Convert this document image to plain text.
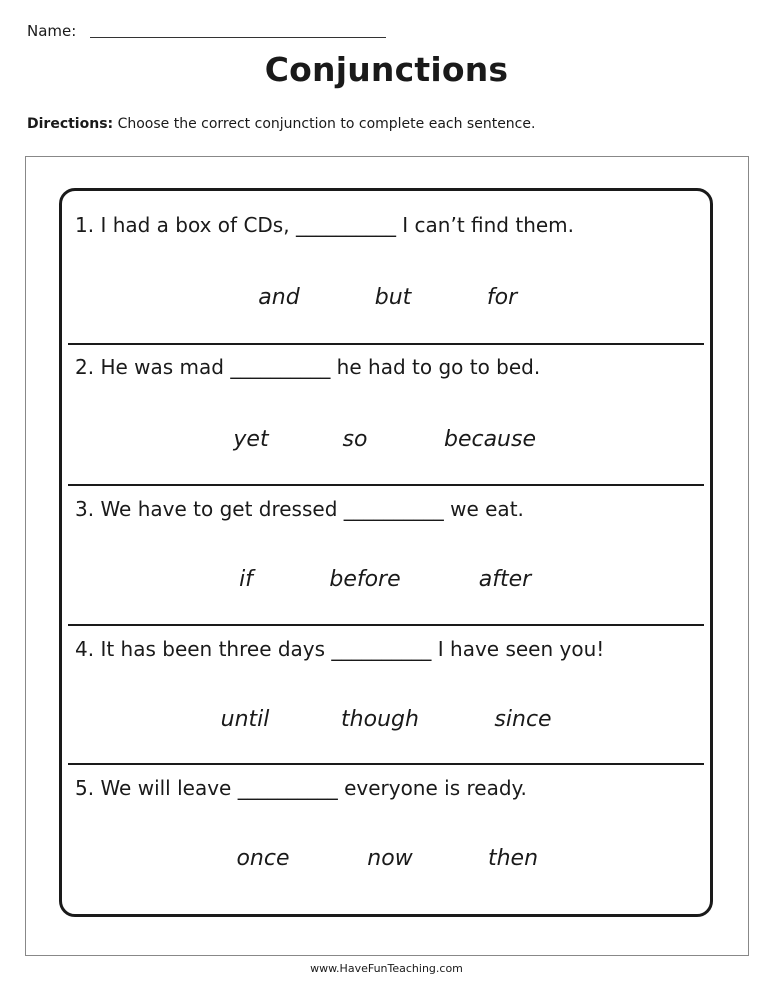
Name:
Conjunctions
Directions: Choose the correct conjunction to complete each sentence.
1. I had a box of CDs, __________ I can’t find them.
and	but	for
2. He was mad __________ he had to go to bed.
yet	so	because
3. We have to get dressed __________ we eat.
if	before	after
4. It has been three days __________ I have seen you!
until	though	since
5. We will leave __________ everyone is ready.
once	now	then
www.HaveFunTeaching.com
